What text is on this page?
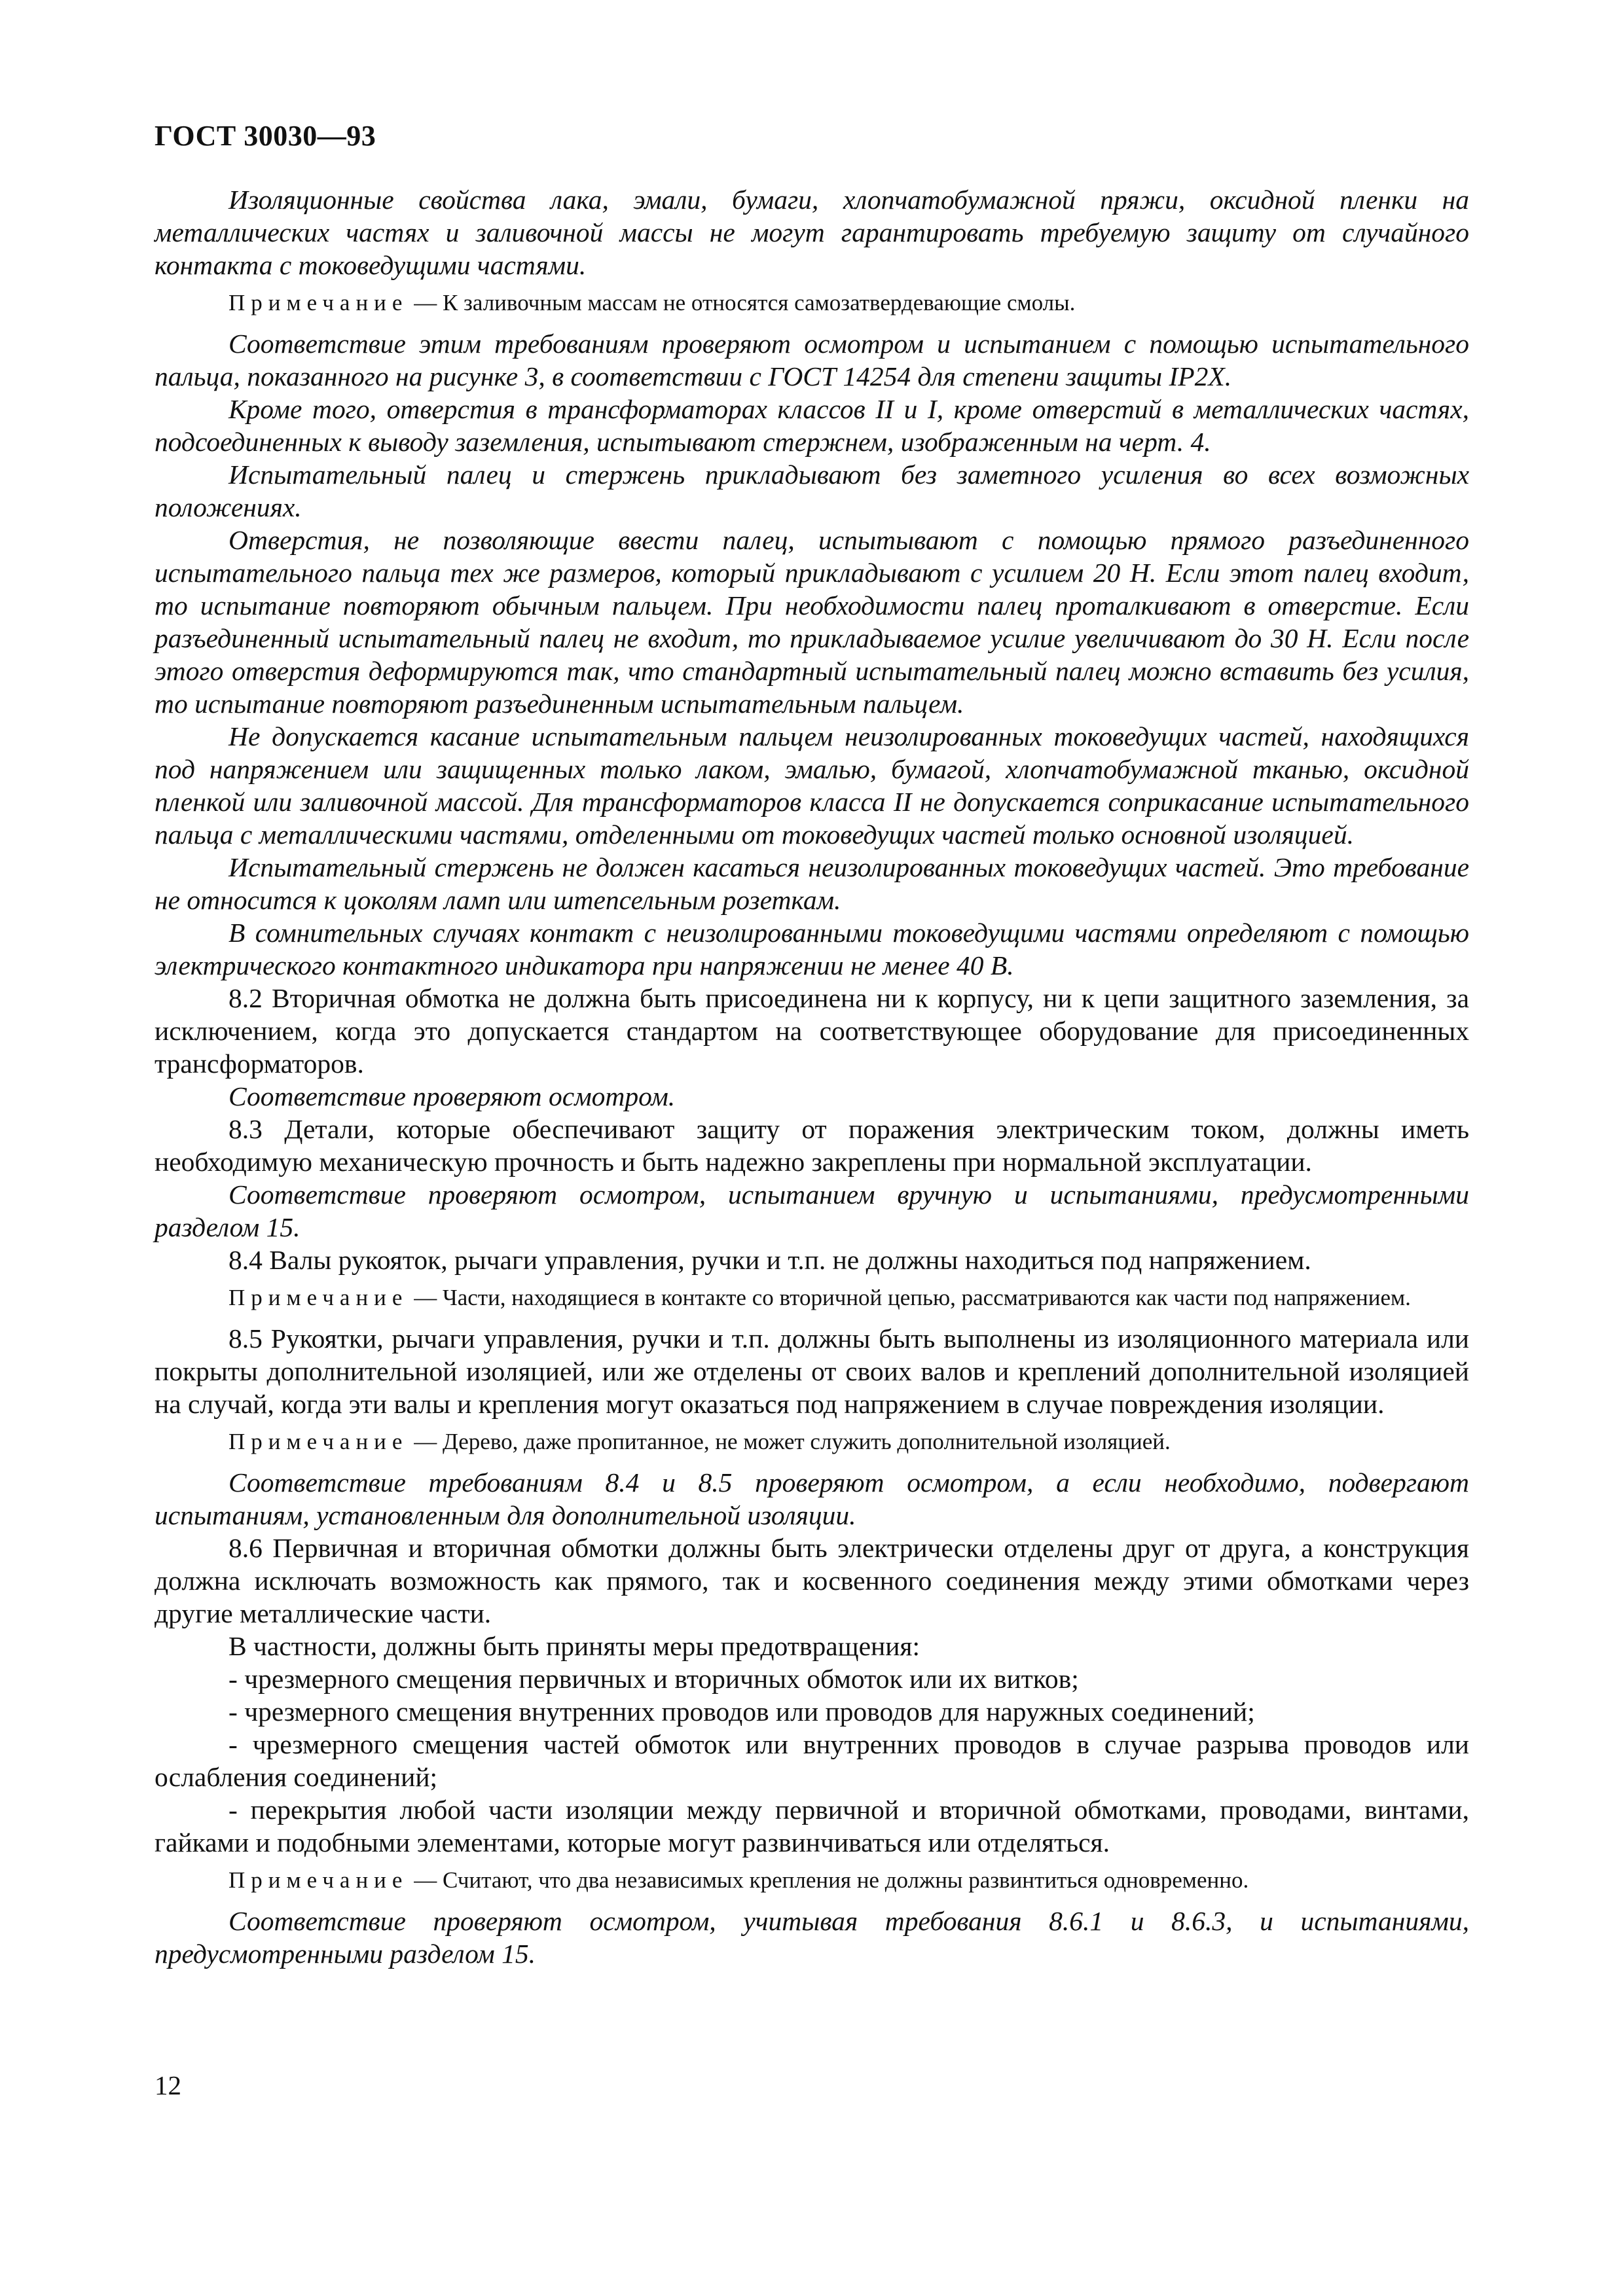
ГОСТ 30030—93

Изоляционные свойства лака, эмали, бумаги, хлопчатобумажной пряжи, оксидной пленки на металлических частях и заливочной массы не могут гарантировать требуемую защиту от случайного контакта с токоведущими частями.

Примечание — К заливочным массам не относятся самозатвердевающие смолы.

Соответствие этим требованиям проверяют осмотром и испытанием с помощью испытательного пальца, показанного на рисунке 3, в соответствии с ГОСТ 14254 для степени защиты IP2X.

Кроме того, отверстия в трансформаторах классов II и I, кроме отверстий в металлических частях, подсоединенных к выводу заземления, испытывают стержнем, изображенным на черт. 4.

Испытательный палец и стержень прикладывают без заметного усиления во всех возможных положениях.

Отверстия, не позволяющие ввести палец, испытывают с помощью прямого разъединенного испытательного пальца тех же размеров, который прикладывают с усилием 20 Н. Если этот палец входит, то испытание повторяют обычным пальцем. При необходимости палец проталкивают в отверстие. Если разъединенный испытательный палец не входит, то прикладываемое усилие увеличивают до 30 Н. Если после этого отверстия деформируются так, что стандартный испытательный палец можно вставить без усилия, то испытание повторяют разъединенным испытательным пальцем.

Не допускается касание испытательным пальцем неизолированных токоведущих частей, находящихся под напряжением или защищенных только лаком, эмалью, бумагой, хлопчатобумажной тканью, оксидной пленкой или заливочной массой. Для трансформаторов класса II не допускается соприкасание испытательного пальца с металлическими частями, отделенными от токоведущих частей только основной изоляцией.

Испытательный стержень не должен касаться неизолированных токоведущих частей. Это требование не относится к цоколям ламп или штепсельным розеткам.

В сомнительных случаях контакт с неизолированными токоведущими частями определяют с помощью электрического контактного индикатора при напряжении не менее 40 В.

8.2 Вторичная обмотка не должна быть присоединена ни к корпусу, ни к цепи защитного заземления, за исключением, когда это допускается стандартом на соответствующее оборудование для присоединенных трансформаторов.

Соответствие проверяют осмотром.

8.3 Детали, которые обеспечивают защиту от поражения электрическим током, должны иметь необходимую механическую прочность и быть надежно закреплены при нормальной эксплуатации.

Соответствие проверяют осмотром, испытанием вручную и испытаниями, предусмотренными разделом 15.

8.4 Валы рукояток, рычаги управления, ручки и т.п. не должны находиться под напряжением.

Примечание — Части, находящиеся в контакте со вторичной цепью, рассматриваются как части под напряжением.

8.5 Рукоятки, рычаги управления, ручки и т.п. должны быть выполнены из изоляционного материала или покрыты дополнительной изоляцией, или же отделены от своих валов и креплений дополнительной изоляцией на случай, когда эти валы и крепления могут оказаться под напряжением в случае повреждения изоляции.

Примечание — Дерево, даже пропитанное, не может служить дополнительной изоляцией.

Соответствие требованиям 8.4 и 8.5 проверяют осмотром, а если необходимо, подвергают испытаниям, установленным для дополнительной изоляции.

8.6 Первичная и вторичная обмотки должны быть электрически отделены друг от друга, а конструкция должна исключать возможность как прямого, так и косвенного соединения между этими обмотками через другие металлические части.

В частности, должны быть приняты меры предотвращения:

- чрезмерного смещения первичных и вторичных обмоток или их витков;

- чрезмерного смещения внутренних проводов или проводов для наружных соединений;

- чрезмерного смещения частей обмоток или внутренних проводов в случае разрыва проводов или ослабления соединений;

- перекрытия любой части изоляции между первичной и вторичной обмотками, проводами, винтами, гайками и подобными элементами, которые могут развинчиваться или отделяться.

Примечание — Считают, что два независимых крепления не должны развинтиться одновременно.

Соответствие проверяют осмотром, учитывая требования 8.6.1 и 8.6.3, и испытаниями, предусмотренными разделом 15.

12
